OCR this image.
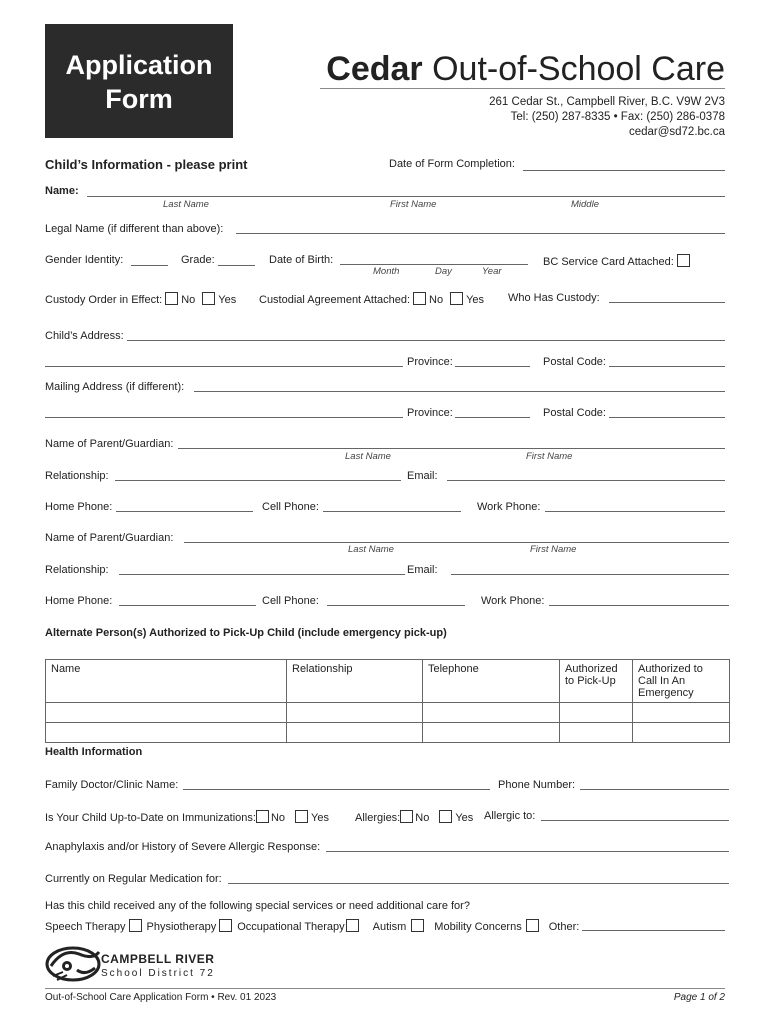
Application
Form
Cedar Out-of-School Care
261 Cedar St., Campbell River, B.C. V9W 2V3
Tel: (250) 287-8335 • Fax: (250) 286-0378
cedar@sd72.bc.ca
Child’s Information - please print	Date of Form Completion:
Name:
Last Name	First Name	Middle
Legal Name (if different than above):
Gender Identity:	Grade:	Date of Birth:
Month	Day	Year
BC Service Card Attached:
Custody Order in Effect: No Yes Custodial Agreement Attached: No Yes Who Has Custody:
Child’s Address:
Province:	Postal Code:
Mailing Address (if different):
Province:	Postal Code:
Name of Parent/Guardian:
Last Name	First Name
Relationship:	Email:
Home Phone:	Cell Phone:	Work Phone:
Name of Parent/Guardian:
Last Name	First Name
Relationship:	Email:
Home Phone:	Cell Phone:	Work Phone:
Alternate Person(s) Authorized to Pick-Up Child (include emergency pick-up)
Name	Relationship	Telephone	Authorized to Pick-Up	Authorized to Call In An Emergency

Health Information
Family Doctor/Clinic Name:	Phone Number:
Is Your Child Up-to-Date on Immunizations: No Yes Allergies: No Yes Allergic to:
Anaphylaxis and/or History of Severe Allergic Response:
Currently on Regular Medication for:
Has this child received any of the following special services or need additional care for?
Speech Therapy Physiotherapy Occupational Therapy	Autism	Mobility Concerns Other:
CAMPBELL RIVER
School District 72
Out-of-School Care Application Form • Rev. 01 2023	Page 1 of 2
